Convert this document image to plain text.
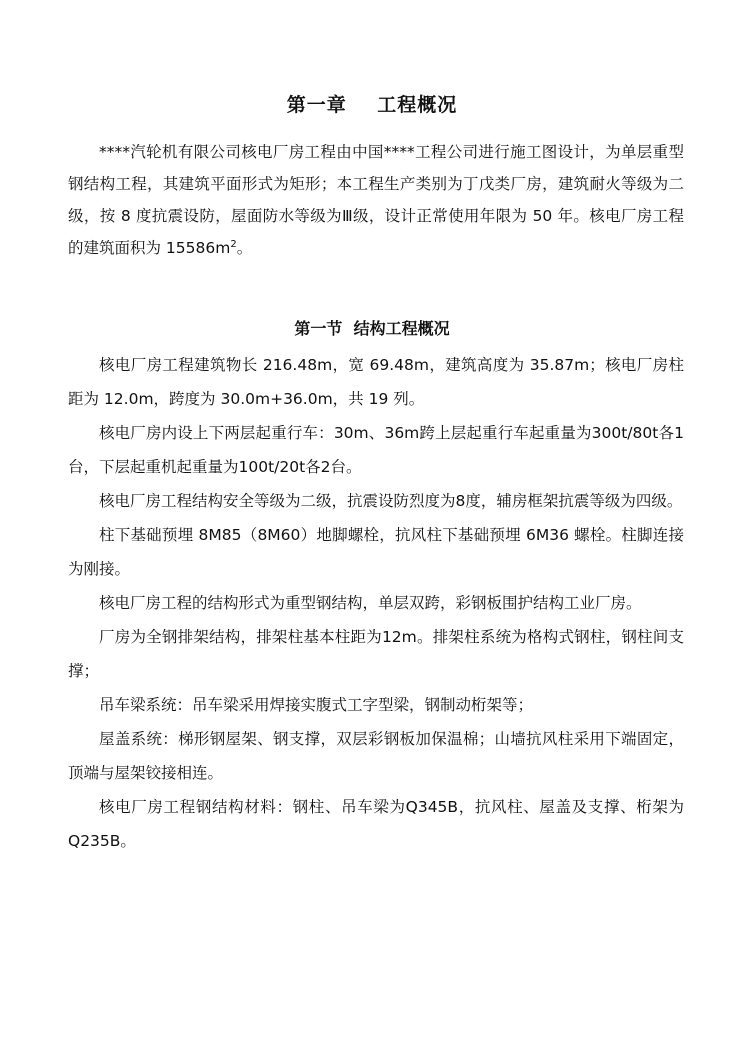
第一章    工程概况

****汽轮机有限公司核电厂房工程由中国****工程公司进行施工图设计，为单层重型钢结构工程，其建筑平面形式为矩形；本工程生产类别为丁戊类厂房，建筑耐火等级为二级，按 8 度抗震设防，屋面防水等级为Ⅲ级，设计正常使用年限为 50 年。核电厂房工程的建筑面积为 $15586m^2$。

第一节  结构工程概况

核电厂房工程建筑物长 216.48m，宽 69.48m，建筑高度为 35.87m；核电厂房柱距为 12.0m，跨度为 30.0m+36.0m，共 19 列。

核电厂房内设上下两层起重行车：30m、36m跨上层起重行车起重量为300t/80t各1台，下层起重机起重量为100t/20t各2台。

核电厂房工程结构安全等级为二级，抗震设防烈度为8度，辅房框架抗震等级为四级。

柱下基础预埋 8M85（8M60）地脚螺栓，抗风柱下基础预埋 6M36 螺栓。柱脚连接为刚接。

核电厂房工程的结构形式为重型钢结构，单层双跨，彩钢板围护结构工业厂房。

厂房为全钢排架结构，排架柱基本柱距为12m。排架柱系统为格构式钢柱，钢柱间支撑；

吊车梁系统：吊车梁采用焊接实腹式工字型梁，钢制动桁架等；

屋盖系统：梯形钢屋架、钢支撑，双层彩钢板加保温棉；山墙抗风柱采用下端固定，顶端与屋架铰接相连。

核电厂房工程钢结构材料：钢柱、吊车梁为Q345B，抗风柱、屋盖及支撑、桁架为Q235B。
